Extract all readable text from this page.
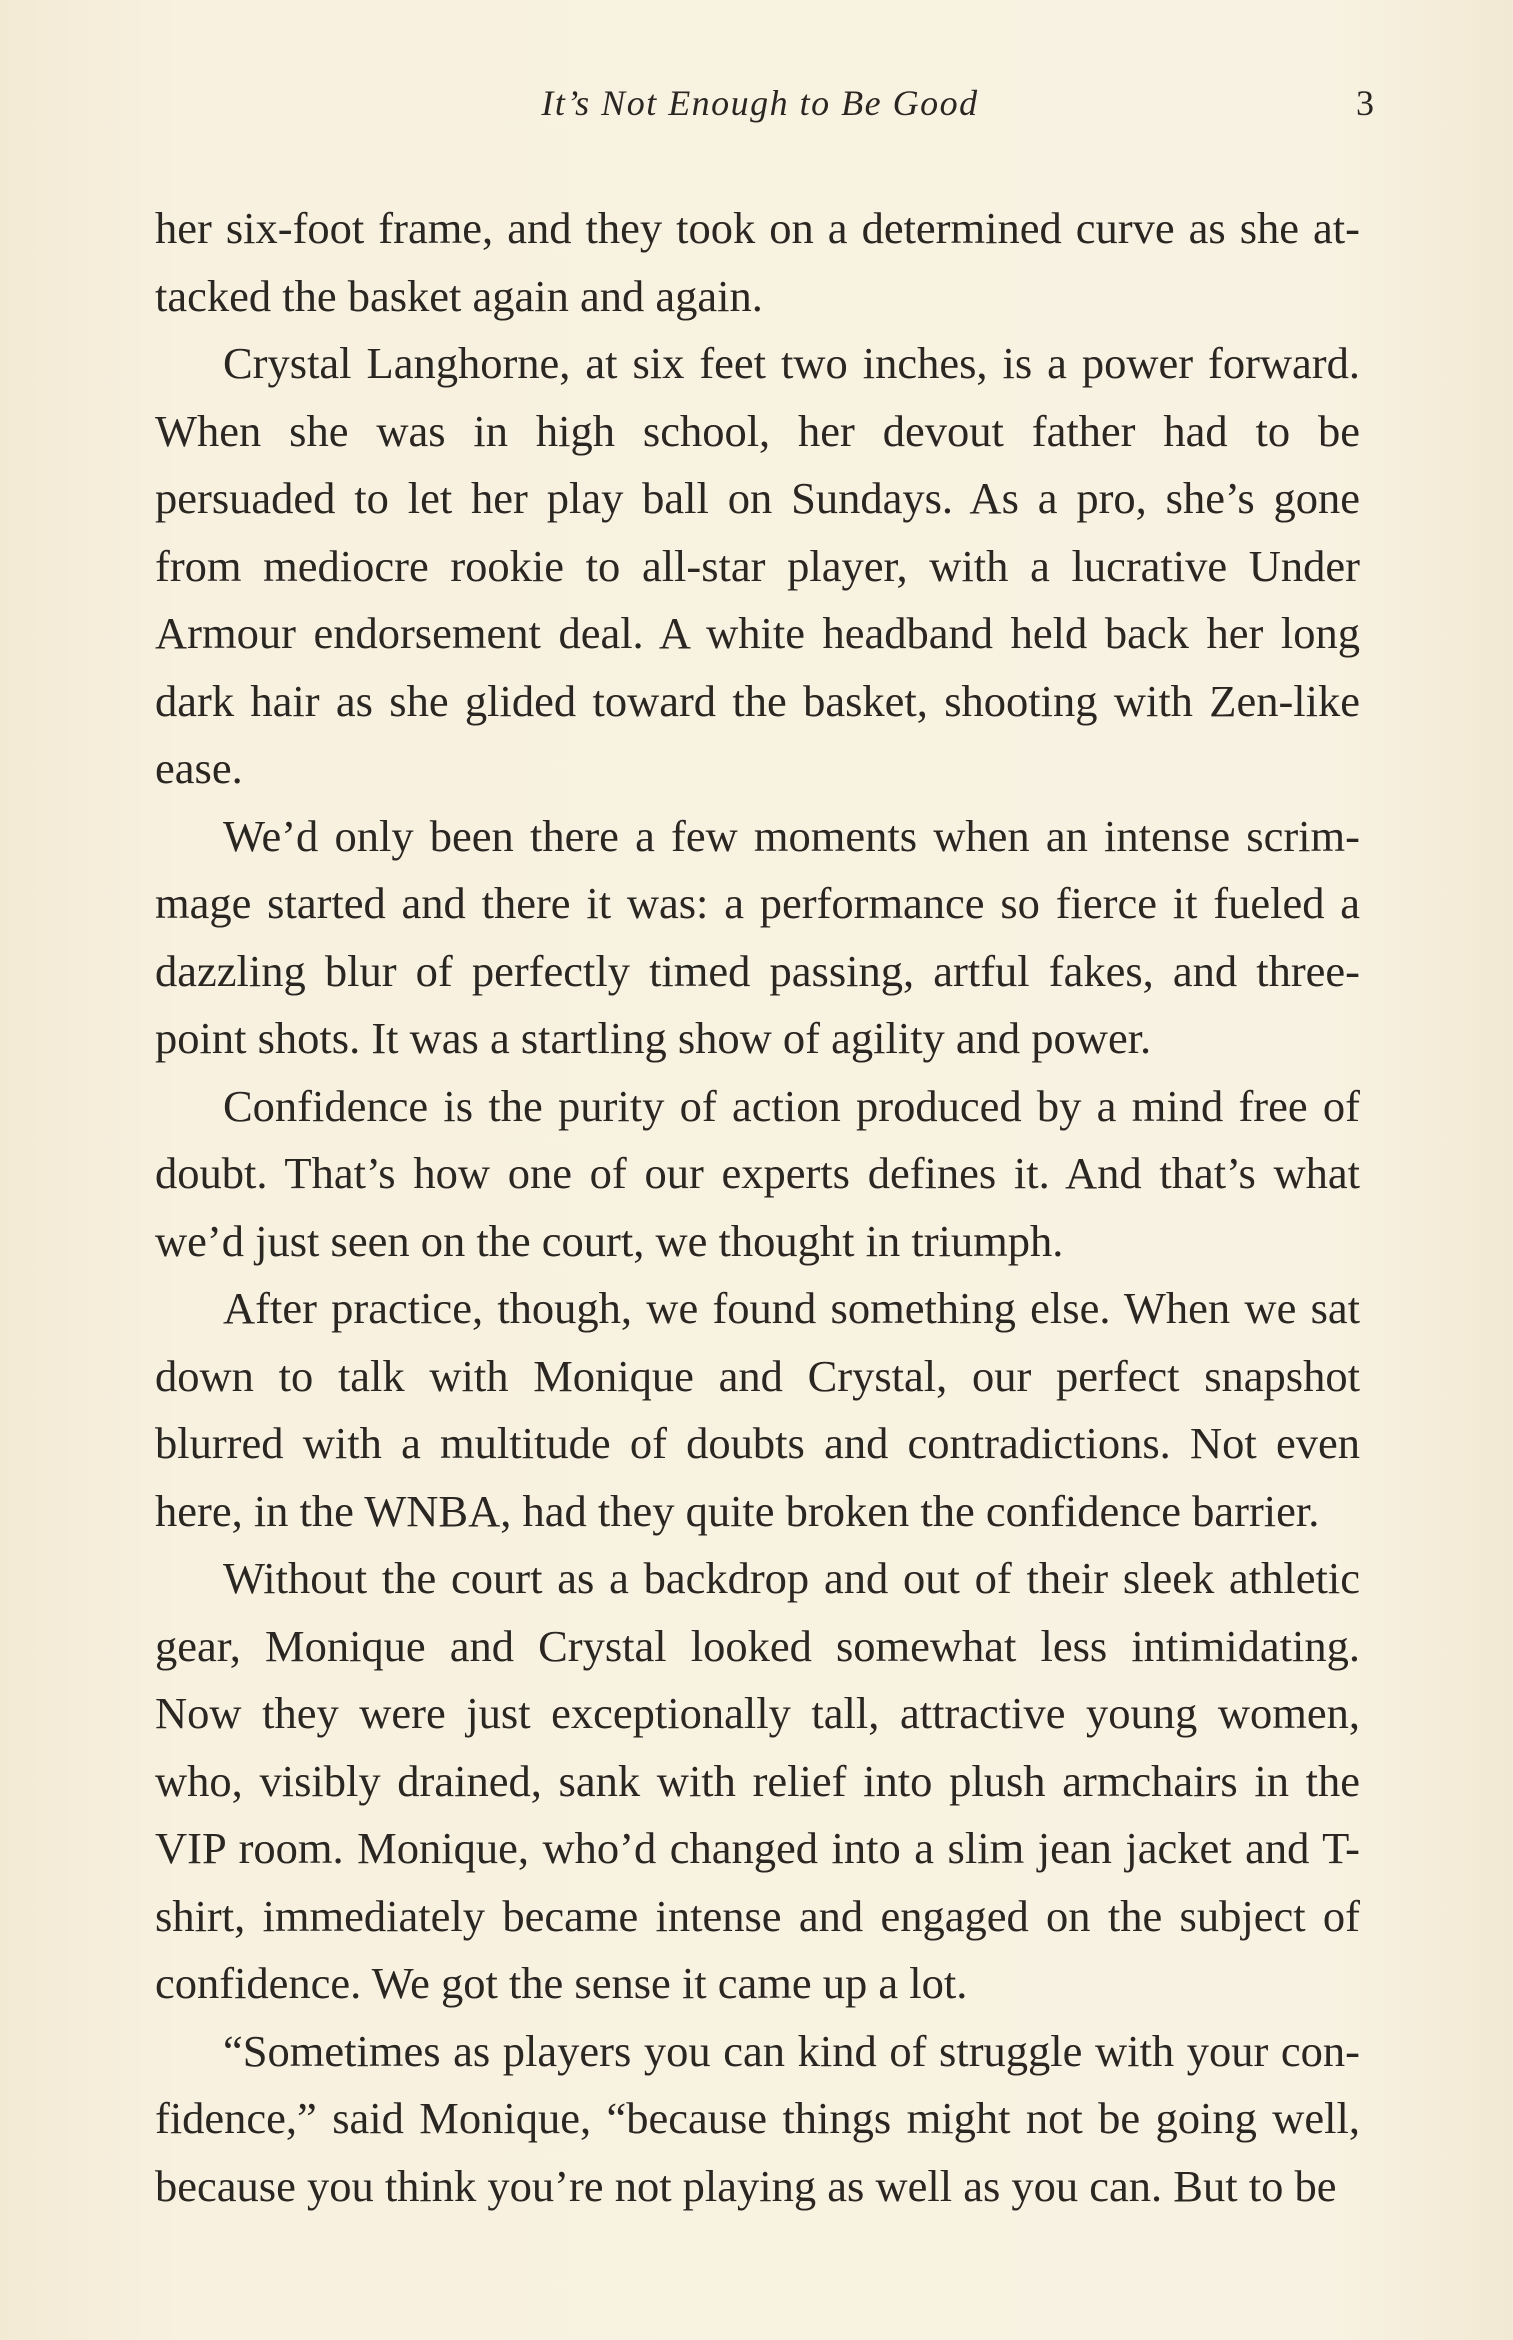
It’s Not Enough to Be Good	3

her six-foot frame, and they took on a determined curve as she attacked the basket again and again.

Crystal Langhorne, at six feet two inches, is a power forward. When she was in high school, her devout father had to be persuaded to let her play ball on Sundays. As a pro, she’s gone from mediocre rookie to all-star player, with a lucrative Under Armour endorsement deal. A white headband held back her long dark hair as she glided toward the basket, shooting with Zen-like ease.

We’d only been there a few moments when an intense scrimmage started and there it was: a performance so fierce it fueled a dazzling blur of perfectly timed passing, artful fakes, and three-point shots. It was a startling show of agility and power.

Confidence is the purity of action produced by a mind free of doubt. That’s how one of our experts defines it. And that’s what we’d just seen on the court, we thought in triumph.

After practice, though, we found something else. When we sat down to talk with Monique and Crystal, our perfect snapshot blurred with a multitude of doubts and contradictions. Not even here, in the WNBA, had they quite broken the confidence barrier.

Without the court as a backdrop and out of their sleek athletic gear, Monique and Crystal looked somewhat less intimidating. Now they were just exceptionally tall, attractive young women, who, visibly drained, sank with relief into plush armchairs in the VIP room. Monique, who’d changed into a slim jean jacket and T-shirt, immediately became intense and engaged on the subject of confidence. We got the sense it came up a lot.

“Sometimes as players you can kind of struggle with your confidence,” said Monique, “because things might not be going well, because you think you’re not playing as well as you can. But to be
